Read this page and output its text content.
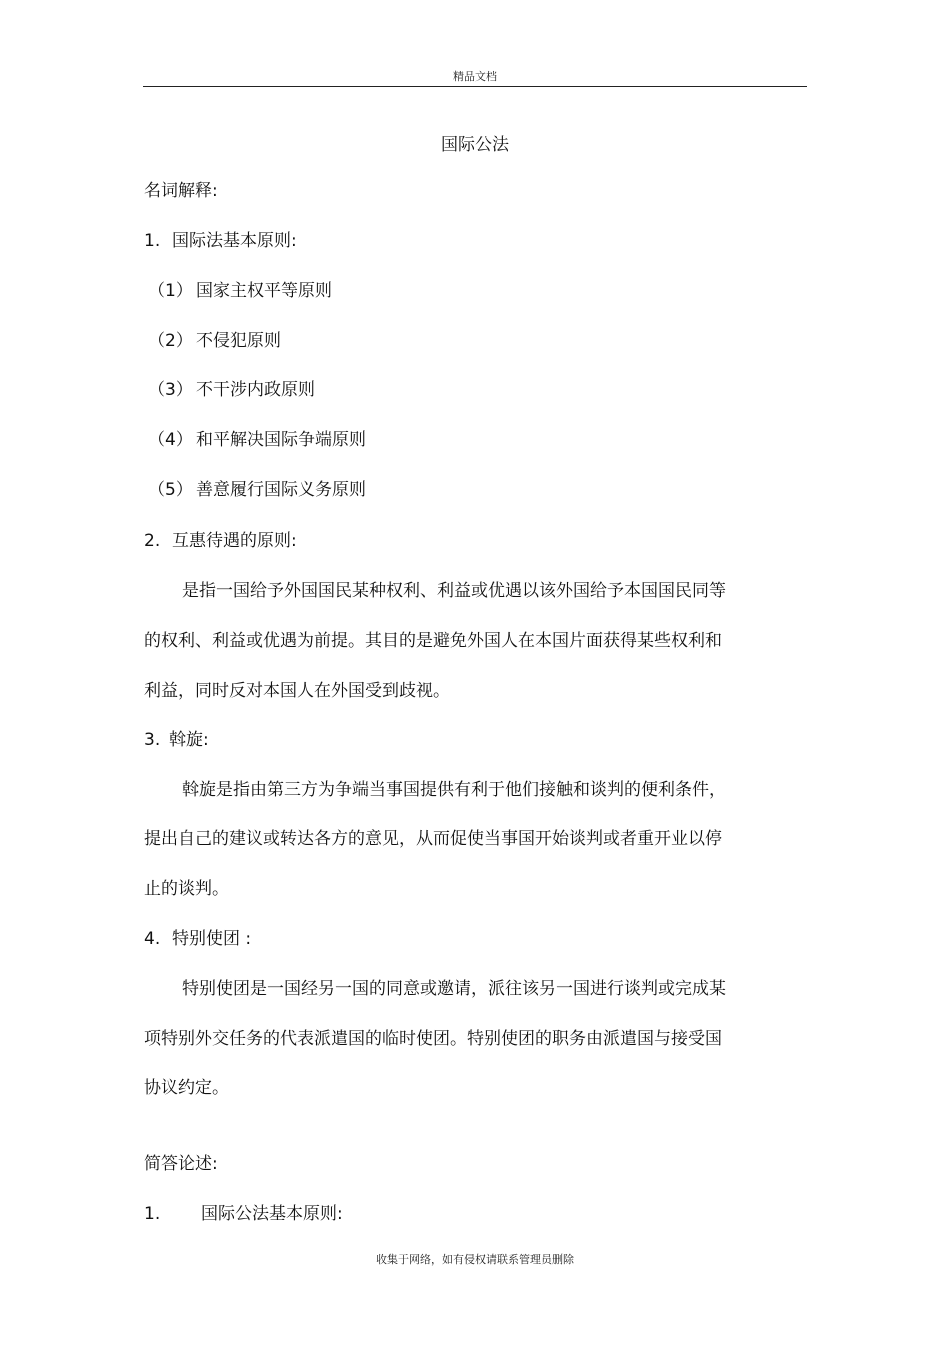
精品文档
国际公法
名词解释:
1. 国际法基本原则:
（1） 国家主权平等原则
（2） 不侵犯原则
（3） 不干涉内政原则
（4） 和平解决国际争端原则
（5） 善意履行国际义务原则
2. 互惠待遇的原则:
是指一国给予外国国民某种权利、利益或优遇以该外国给予本国国民同等
的权利、利益或优遇为前提。其目的是避免外国人在本国片面获得某些权利和
利益，同时反对本国人在外国受到歧视。
3. 斡旋:
斡旋是指由第三方为争端当事国提供有利于他们接触和谈判的便利条件，
提出自己的建议或转达各方的意见，从而促使当事国开始谈判或者重开业以停
止的谈判。
4. 特别使团 :
特别使团是一国经另一国的同意或邀请，派往该另一国进行谈判或完成某
项特别外交任务的代表派遣国的临时使团。特别使团的职务由派遣国与接受国
协议约定。
简答论述:
1. 国际公法基本原则:
收集于网络，如有侵权请联系管理员删除
